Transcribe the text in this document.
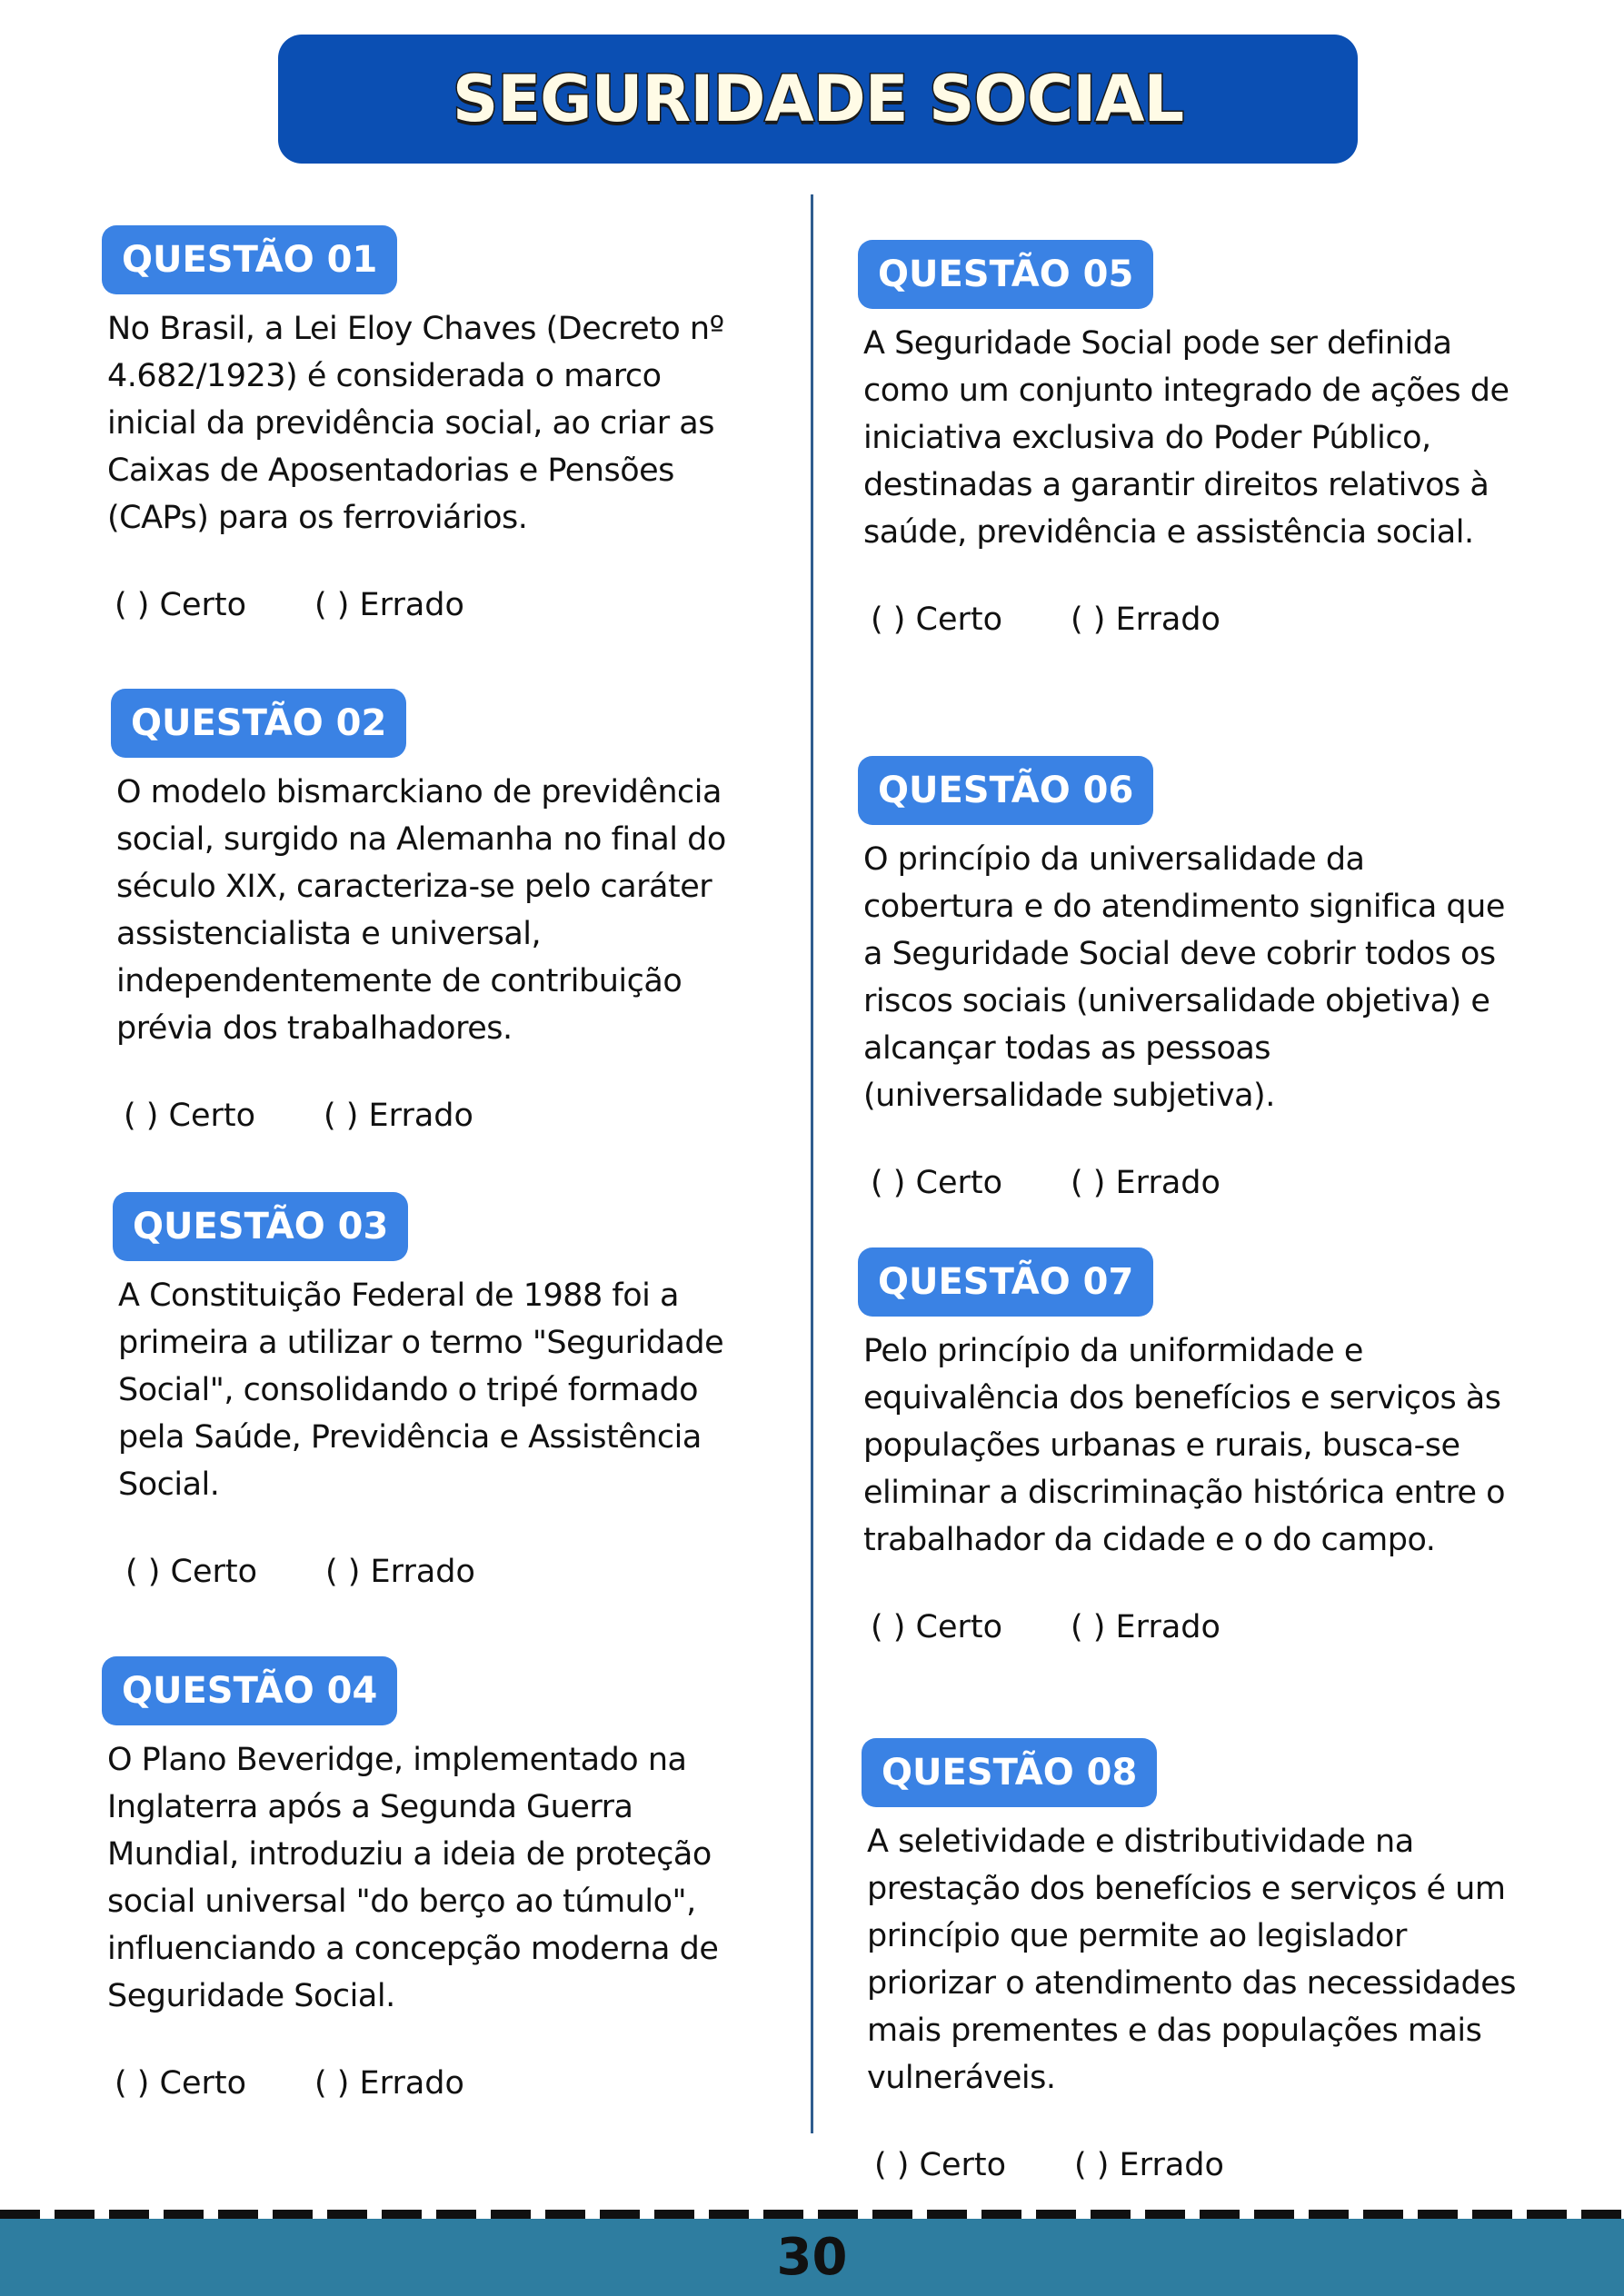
SEGURIDADE SOCIAL
QUESTÃO 01
No Brasil, a Lei Eloy Chaves (Decreto nº 4.682/1923) é considerada o marco inicial da previdência social, ao criar as Caixas de Aposentadorias e Pensões (CAPs) para os ferroviários.
( ) Certo	( ) Errado
QUESTÃO 02
O modelo bismarckiano de previdência social, surgido na Alemanha no final do século XIX, caracteriza-se pelo caráter assistencialista e universal, independentemente de contribuição prévia dos trabalhadores.
( ) Certo	( ) Errado
QUESTÃO 03
A Constituição Federal de 1988 foi a primeira a utilizar o termo "Seguridade Social", consolidando o tripé formado pela Saúde, Previdência e Assistência Social.
( ) Certo	( ) Errado
QUESTÃO 04
O Plano Beveridge, implementado na Inglaterra após a Segunda Guerra Mundial, introduziu a ideia de proteção social universal "do berço ao túmulo", influenciando a concepção moderna de Seguridade Social.
( ) Certo	( ) Errado
QUESTÃO 05
A Seguridade Social pode ser definida como um conjunto integrado de ações de iniciativa exclusiva do Poder Público, destinadas a garantir direitos relativos à saúde, previdência e assistência social.
( ) Certo	( ) Errado
QUESTÃO 06
O princípio da universalidade da cobertura e do atendimento significa que a Seguridade Social deve cobrir todos os riscos sociais (universalidade objetiva) e alcançar todas as pessoas (universalidade subjetiva).
( ) Certo	( ) Errado
QUESTÃO 07
Pelo princípio da uniformidade e equivalência dos benefícios e serviços às populações urbanas e rurais, busca-se eliminar a discriminação histórica entre o trabalhador da cidade e o do campo.
( ) Certo	( ) Errado
QUESTÃO 08
A seletividade e distributividade na prestação dos benefícios e serviços é um princípio que permite ao legislador priorizar o atendimento das necessidades mais prementes e das populações mais vulneráveis.
( ) Certo	( ) Errado
30
